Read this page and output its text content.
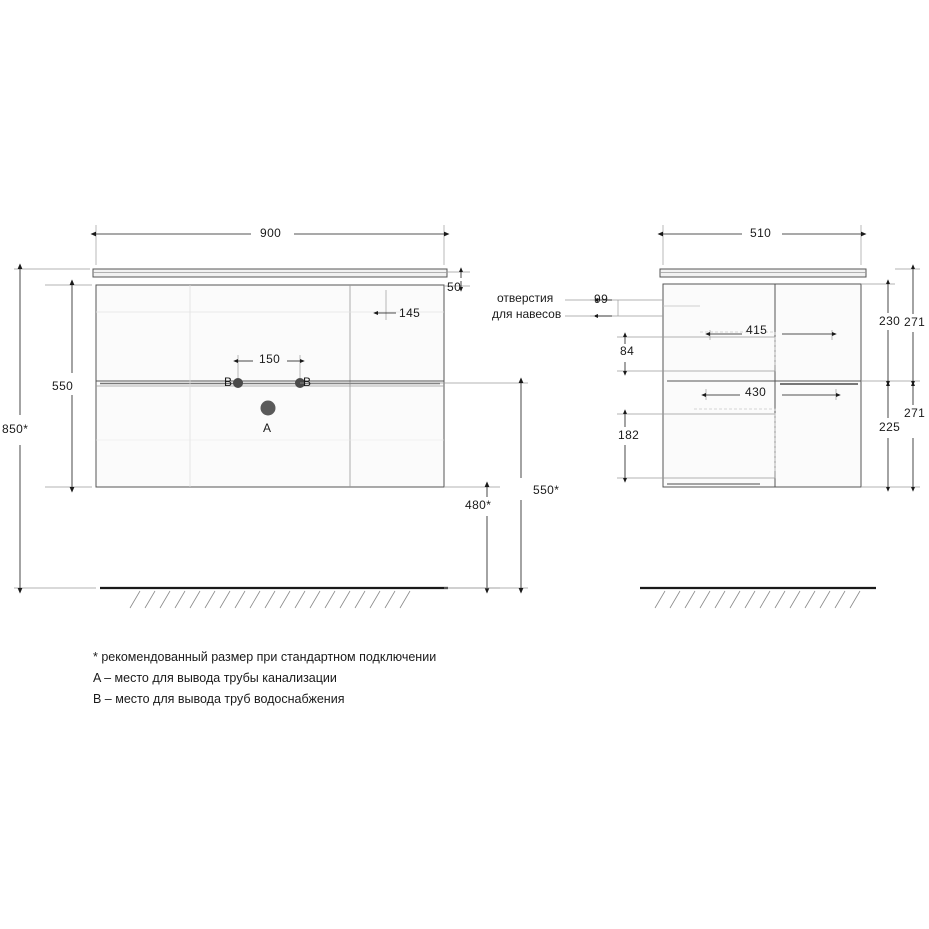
900
50
145
150
550
850*
480*
550*
B	B
A
510
99
415
84
430
182
230
225
271
271
отверстия
для навесов
* рекомендованный размер при стандартном подключении
A – место для вывода трубы канализации
B – место для вывода труб водоснабжения
